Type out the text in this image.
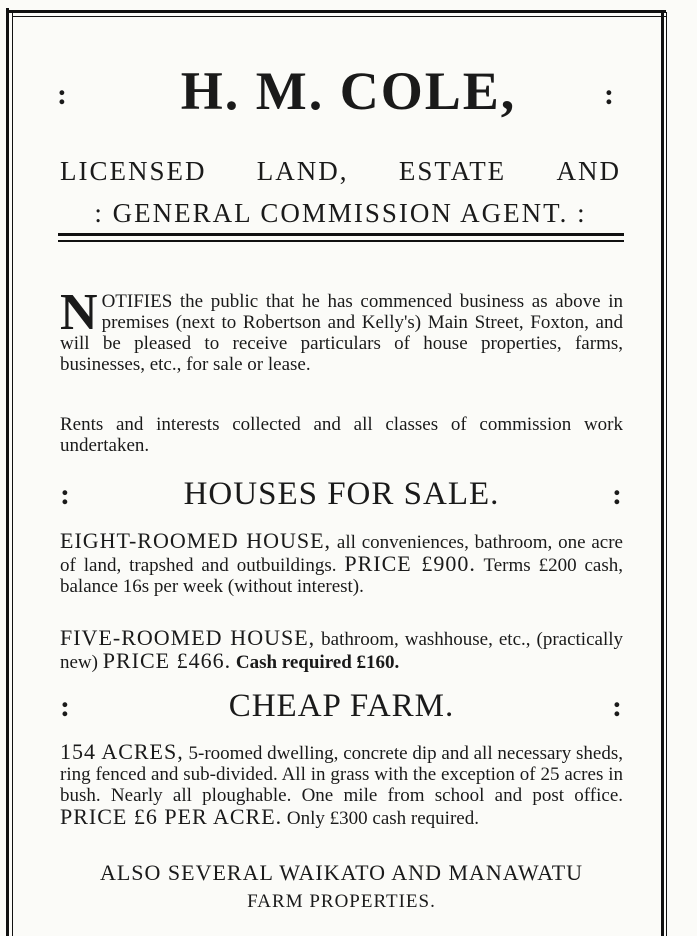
:	:
H. M. COLE,
LICENSED LAND, ESTATE AND
: GENERAL COMMISSION AGENT. :
NOTIFIES the public that he has commenced business as above in premises (next to Robertson and Kelly's) Main Street, Foxton, and will be pleased to receive particulars of house properties, farms, businesses, etc., for sale or lease.
Rents and interests collected and all classes of commission work undertaken.
:	HOUSES FOR SALE.	:
EIGHT-ROOMED HOUSE, all conveniences, bathroom, one acre of land, trapshed and outbuildings. PRICE £900. Terms £200 cash, balance 16s per week (without interest).
FIVE-ROOMED HOUSE, bathroom, washhouse, etc., (practically new) PRICE £466. Cash required £160.
:	CHEAP FARM.	:
154 ACRES, 5-roomed dwelling, concrete dip and all necessary sheds, ring fenced and sub-divided. All in grass with the exception of 25 acres in bush. Nearly all ploughable. One mile from school and post office. PRICE £6 PER ACRE. Only £300 cash required.
ALSO SEVERAL WAIKATO AND MANAWATU
FARM PROPERTIES.
